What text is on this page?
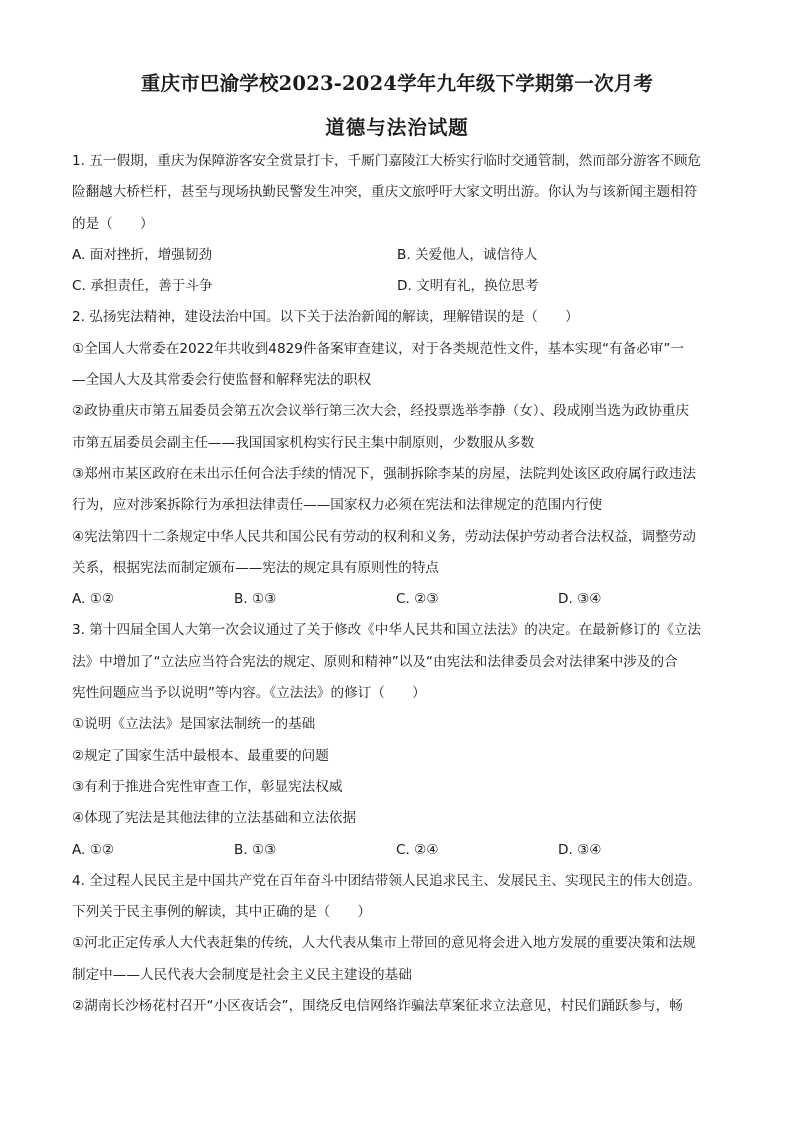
重庆市巴渝学校2023-2024学年九年级下学期第一次月考
道德与法治试题
1. 五一假期，重庆为保障游客安全赏景打卡，千厮门嘉陵江大桥实行临时交通管制，然而部分游客不顾危
险翻越大桥栏杆，甚至与现场执勤民警发生冲突，重庆文旅呼吁大家文明出游。你认为与该新闻主题相符
的是（　　）
A. 面对挫折，增强韧劲	B. 关爱他人，诚信待人
C. 承担责任，善于斗争	D. 文明有礼，换位思考
2. 弘扬宪法精神，建设法治中国。以下关于法治新闻的解读，理解错误的是（　　）
①全国人大常委在2022年共收到4829件备案审查建议，对于各类规范性文件，基本实现“有备必审”一
—全国人大及其常委会行使监督和解释宪法的职权
②政协重庆市第五届委员会第五次会议举行第三次大会，经投票选举李静（女）、段成刚当选为政协重庆
市第五届委员会副主任——我国国家机构实行民主集中制原则，少数服从多数
③郑州市某区政府在未出示任何合法手续的情况下，强制拆除李某的房屋，法院判处该区政府属行政违法
行为，应对涉案拆除行为承担法律责任——国家权力必须在宪法和法律规定的范围内行使
④宪法第四十二条规定中华人民共和国公民有劳动的权利和义务，劳动法保护劳动者合法权益，调整劳动
关系，根据宪法而制定颁布——宪法的规定具有原则性的特点
A. ①②	B. ①③	C. ②③	D. ③④
3. 第十四届全国人大第一次会议通过了关于修改《中华人民共和国立法法》的决定。在最新修订的《立法
法》中增加了“立法应当符合宪法的规定、原则和精神”以及“由宪法和法律委员会对法律案中涉及的合
宪性问题应当予以说明”等内容。《立法法》的修订（　　）
①说明《立法法》是国家法制统一的基础
②规定了国家生活中最根本、最重要的问题
③有利于推进合宪性审查工作，彰显宪法权威
④体现了宪法是其他法律的立法基础和立法依据
A. ①②	B. ①③	C. ②④	D. ③④
4. 全过程人民民主是中国共产党在百年奋斗中团结带领人民追求民主、发展民主、实现民主的伟大创造。
下列关于民主事例的解读，其中正确的是（　　）
①河北正定传承人大代表赶集的传统，人大代表从集市上带回的意见将会进入地方发展的重要决策和法规
制定中——人民代表大会制度是社会主义民主建设的基础
②湖南长沙杨花村召开“小区夜话会”，围绕反电信网络诈骗法草案征求立法意见，村民们踊跃参与，畅
